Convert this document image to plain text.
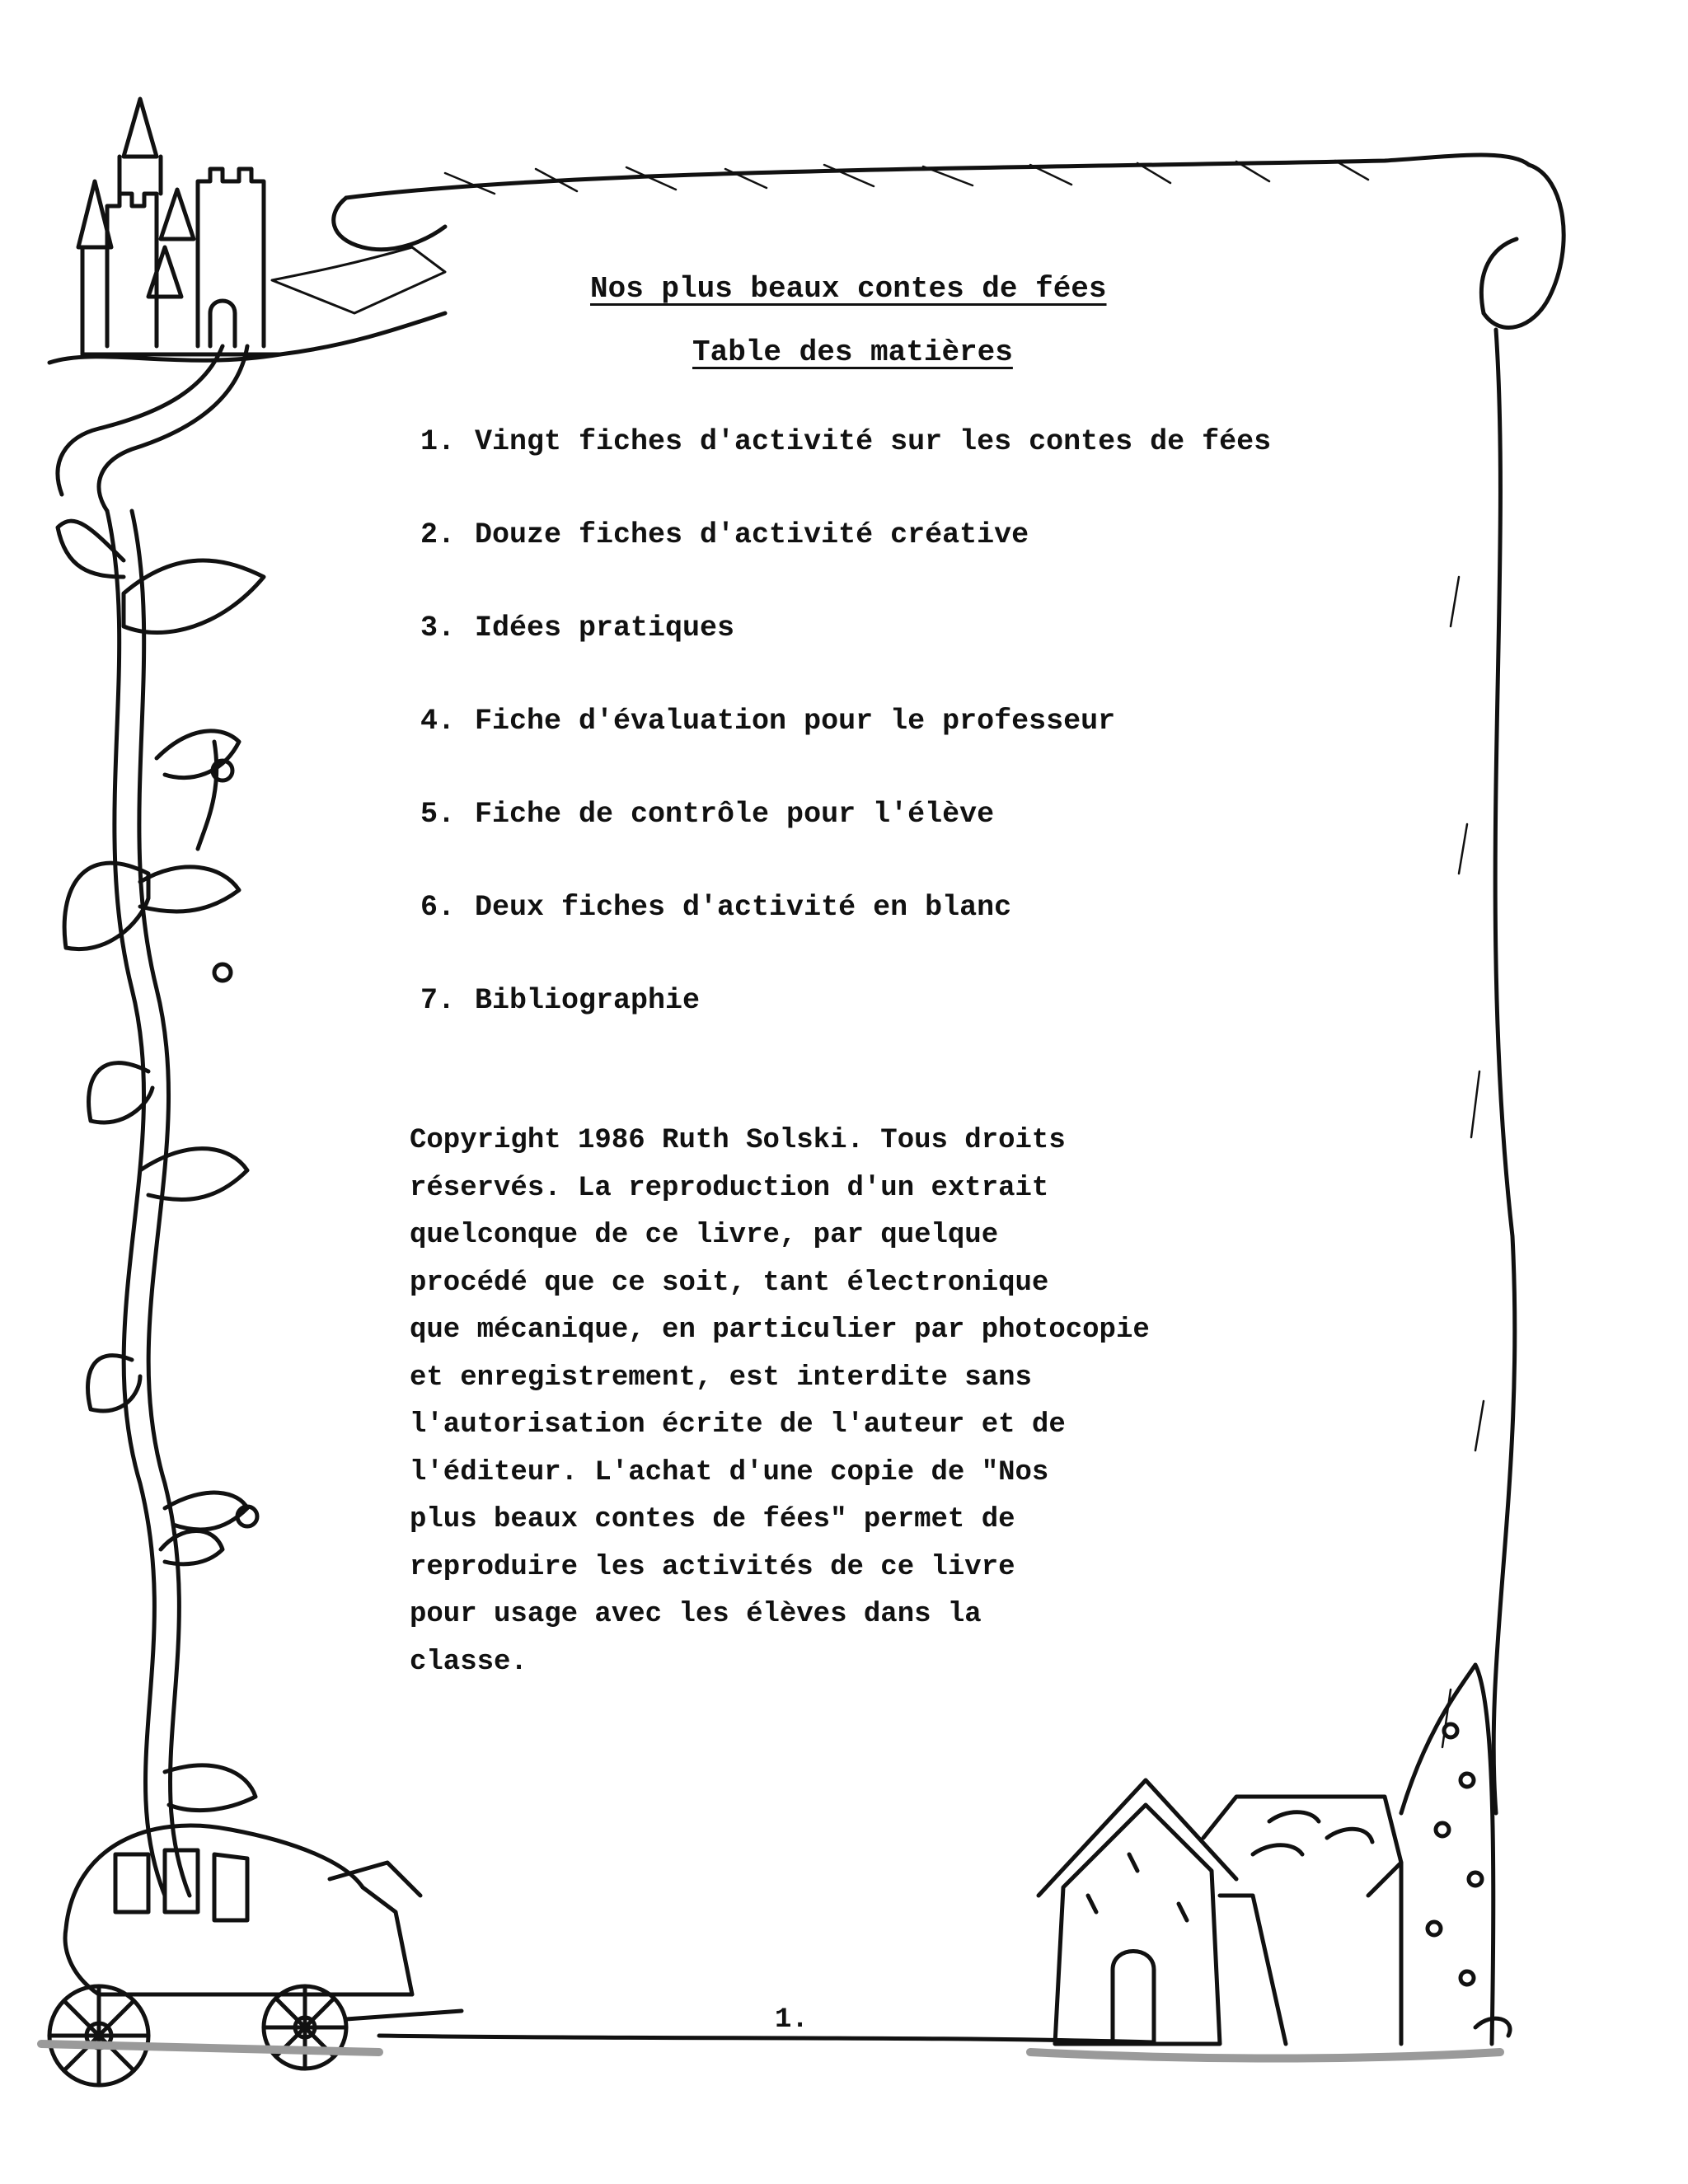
Nos plus beaux contes de fées
Table des matières
1. Vingt fiches d'activité sur les contes de fées
2. Douze fiches d'activité créative
3. Idées pratiques
4. Fiche d'évaluation pour le professeur
5. Fiche de contrôle pour l'élève
6. Deux fiches d'activité en blanc
7. Bibliographie
Copyright 1986 Ruth Solski. Tous droits
réservés. La reproduction d'un extrait
quelconque de ce livre, par quelque
procédé que ce soit, tant électronique
que mécanique, en particulier par photocopie
et enregistrement, est interdite sans
l'autorisation écrite de l'auteur et de
l'éditeur. L'achat d'une copie de "Nos
plus beaux contes de fées" permet de
reproduire les activités de ce livre
pour usage avec les élèves dans la
classe.
1.
